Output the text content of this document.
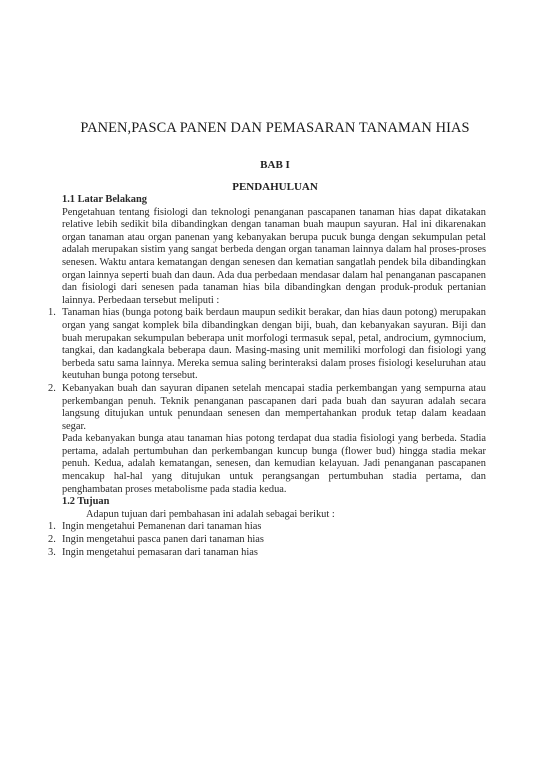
PANEN,PASCA PANEN DAN PEMASARAN TANAMAN HIAS
BAB I
PENDAHULUAN

1.1 Latar Belakang

Pengetahuan tentang fisiologi dan teknologi penanganan pascapanen tanaman hias dapat dikatakan relative lebih sedikit bila dibandingkan dengan tanaman buah maupun sayuran. Hal ini dikarenakan organ tanaman atau organ panenan yang kebanyakan berupa pucuk bunga dengan sekumpulan petal adalah merupakan sistim yang sangat berbeda dengan organ tanaman lainnya dalam hal proses-proses senesen. Waktu antara kematangan dengan senesen dan kematian sangatlah pendek bila dibandingkan organ lainnya seperti buah dan daun. Ada dua perbedaan mendasar dalam hal penanganan pascapanen dan fisiologi dari senesen pada tanaman hias bila dibandingkan dengan produk-produk pertanian lainnya. Perbedaan tersebut meliputi :

1. Tanaman hias (bunga potong baik berdaun maupun sedikit berakar, dan hias daun potong) merupakan organ yang sangat komplek bila dibandingkan dengan biji, buah, dan kebanyakan sayuran. Biji dan buah merupakan sekumpulan beberapa unit morfologi termasuk sepal, petal, androcium, gymnocium, tangkai, dan kadangkala beberapa daun. Masing-masing unit memiliki morfologi dan fisiologi yang berbeda satu sama lainnya. Mereka semua saling berinteraksi dalam proses fisiologi keseluruhan atau keutuhan bunga potong tersebut.
2. Kebanyakan buah dan sayuran dipanen setelah mencapai stadia perkembangan yang sempurna atau perkembangan penuh. Teknik penanganan pascapanen dari pada buah dan sayuran adalah secara langsung ditujukan untuk penundaan senesen dan mempertahankan produk tetap dalam keadaan segar.

Pada kebanyakan bunga atau tanaman hias potong terdapat dua stadia fisiologi yang berbeda. Stadia pertama, adalah pertumbuhan dan perkembangan kuncup bunga (flower bud) hingga stadia mekar penuh. Kedua, adalah kematangan, senesen, dan kemudian kelayuan. Jadi penanganan pascapanen mencakup hal-hal yang ditujukan untuk perangsangan pertumbuhan stadia pertama, dan penghambatan proses metabolisme pada stadia kedua.

1.2 Tujuan

Adapun tujuan dari pembahasan ini adalah sebagai berikut :

1. Ingin mengetahui Pemanenan dari tanaman hias
2. Ingin mengetahui pasca panen dari tanaman hias
3. Ingin mengetahui pemasaran dari tanaman hias
